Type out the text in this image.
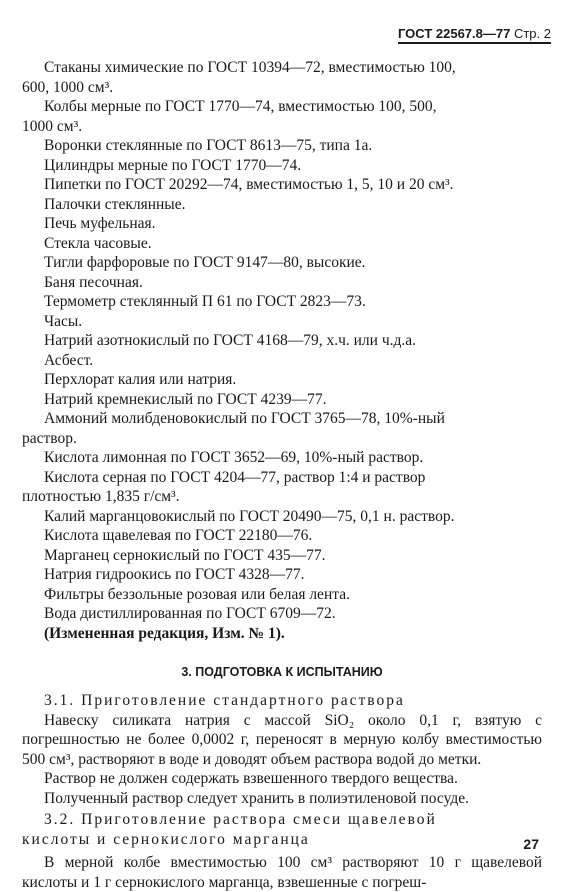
ГОСТ 22567.8—77 Стр. 2

Стаканы химические по ГОСТ 10394—72, вместимостью 100,

600, 1000 см³.

Колбы мерные по ГОСТ 1770—74, вместимостью 100, 500,

1000 см³.

Воронки стеклянные по ГОСТ 8613—75, типа 1а.

Цилиндры мерные по ГОСТ 1770—74.

Пипетки по ГОСТ 20292—74, вместимостью 1, 5, 10 и 20 см³.

Палочки стеклянные.

Печь муфельная.

Стекла часовые.

Тигли фарфоровые по ГОСТ 9147—80, высокие.

Баня песочная.

Термометр стеклянный П 61 по ГОСТ 2823—73.

Часы.

Натрий азотнокислый по ГОСТ 4168—79, х.ч. или ч.д.а.

Асбест.

Перхлорат калия или натрия.

Натрий кремнекислый по ГОСТ 4239—77.

Аммоний молибденовокислый по ГОСТ 3765—78, 10%-ный

раствор.

Кислота лимонная по ГОСТ 3652—69, 10%-ный раствор.

Кислота серная по ГОСТ 4204—77, раствор 1:4 и раствор

плотностью 1,835 г/см³.

Калий марганцовокислый по ГОСТ 20490—75, 0,1 н. раствор.

Кислота щавелевая по ГОСТ 22180—76.

Марганец сернокислый по ГОСТ 435—77.

Натрия гидроокись по ГОСТ 4328—77.

Фильтры беззольные розовая или белая лента.

Вода дистиллированная по ГОСТ 6709—72.

(Измененная редакция, Изм. № 1).

3. ПОДГОТОВКА К ИСПЫТАНИЮ

3.1. Приготовление стандартного раствора

Навеску силиката натрия с массой SiO₂ около 0,1 г, взятую с погрешностью не более 0,0002 г, переносят в мерную колбу вместимостью 500 см³, растворяют в воде и доводят объем раствора водой до метки.

Раствор не должен содержать взвешенного твердого вещества.

Полученный раствор следует хранить в полиэтиленовой посуде.

3.2. Приготовление раствора смеси щавелевой

кислоты и сернокислого марганца

В мерной колбе вместимостью 100 см³ растворяют 10 г щавелевой кислоты и 1 г сернокислого марганца, взвешенные с погреш-

27
